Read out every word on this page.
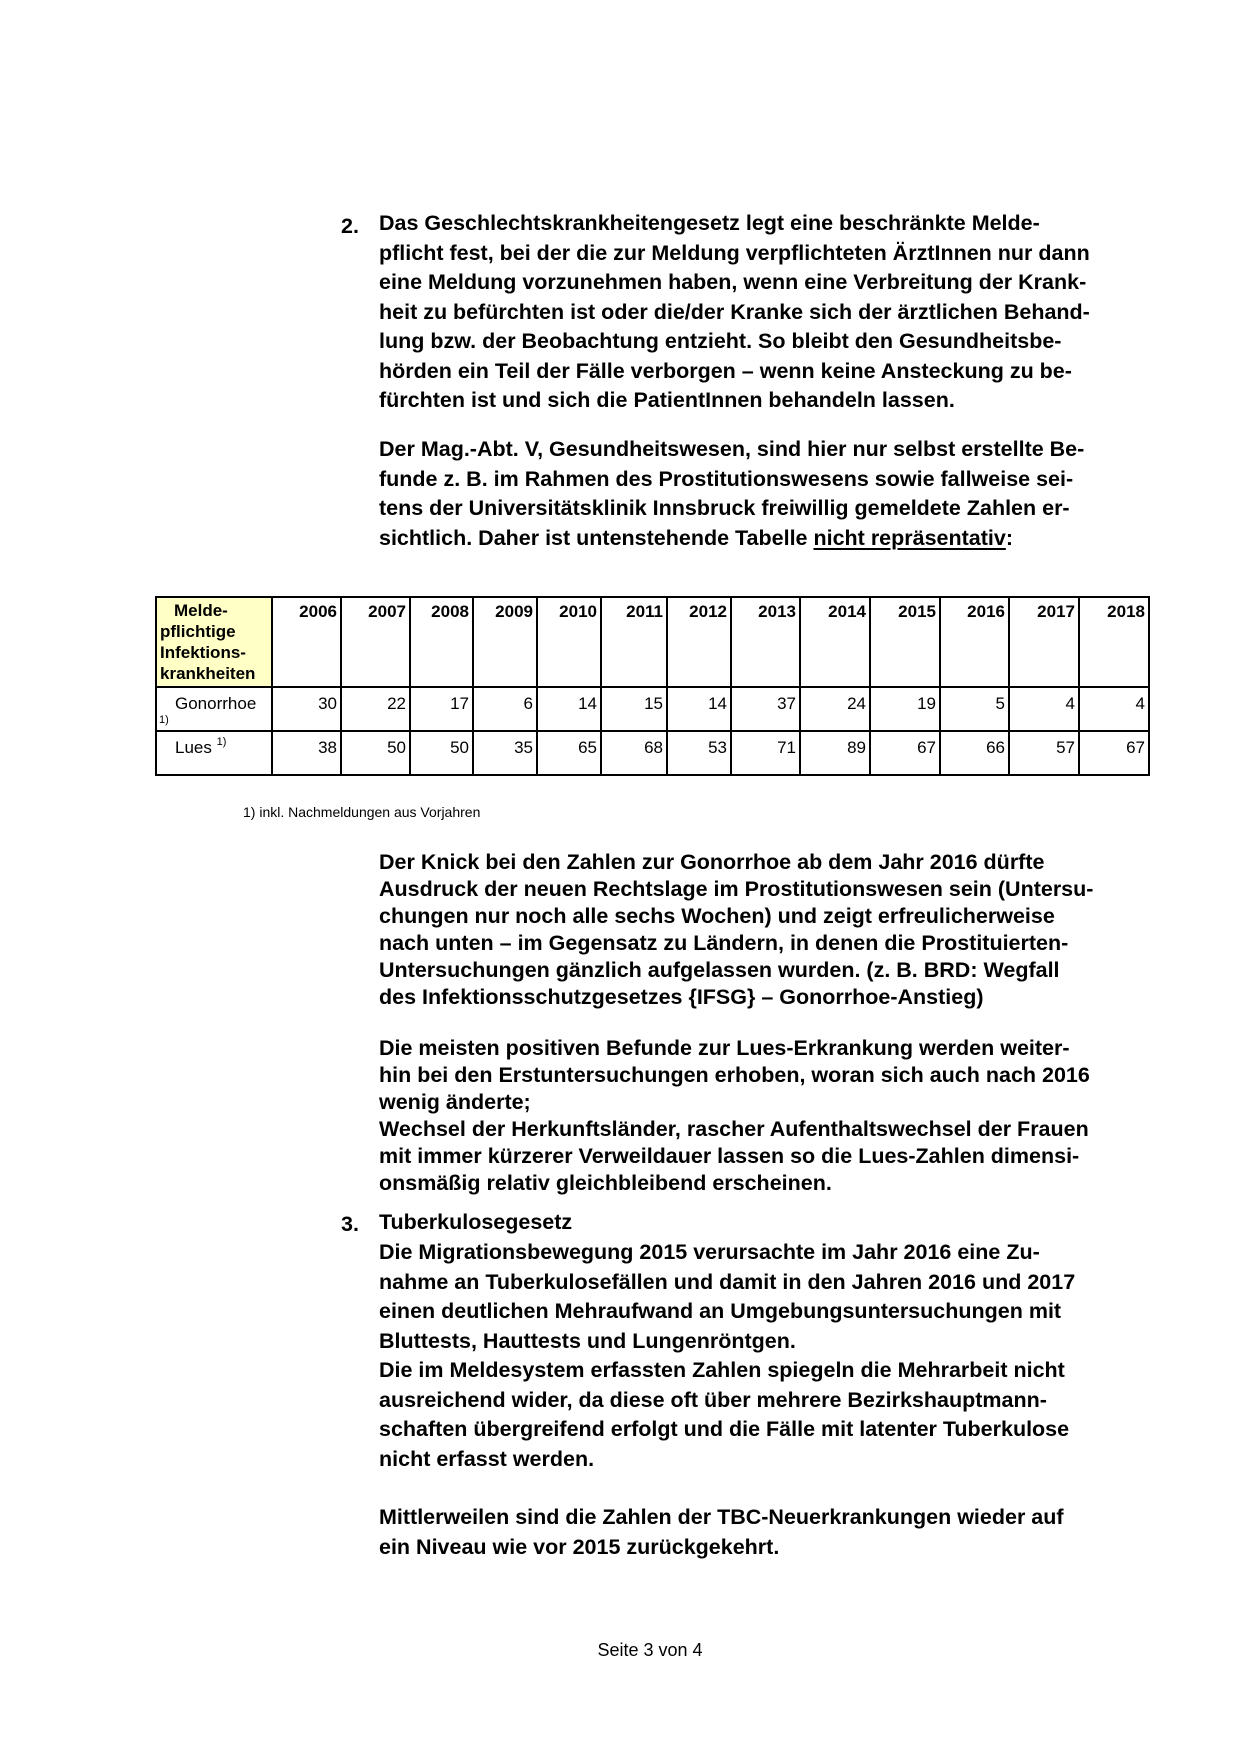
2. Das Geschlechtskrankheitengesetz legt eine beschränkte Melde-
pflicht fest, bei der die zur Meldung verpflichteten ÄrztInnen nur dann
eine Meldung vorzunehmen haben, wenn eine Verbreitung der Krank-
heit zu befürchten ist oder die/der Kranke sich der ärztlichen Behand-
lung bzw. der Beobachtung entzieht. So bleibt den Gesundheitsbe-
hörden ein Teil der Fälle verborgen – wenn keine Ansteckung zu be-
fürchten ist und sich die PatientInnen behandeln lassen.
Der Mag.-Abt. V, Gesundheitswesen, sind hier nur selbst erstellte Be-
funde z. B. im Rahmen des Prostitutionswesens sowie fallweise sei-
tens der Universitätsklinik Innsbruck freiwillig gemeldete Zahlen er-
sichtlich. Daher ist untenstehende Tabelle nicht repräsentativ:
Melde-
pflichtige
Infektions-
krankheiten	2006	2007	2008	2009	2010	2011	2012	2013	2014	2015	2016	2017	2018
Gonorrhoe
1)	30	22	17	6	14	15	14	37	24	19	5	4	4
Lues $^{1)}$	38	50	50	35	65	68	53	71	89	67	66	57	67
1) inkl. Nachmeldungen aus Vorjahren
Der Knick bei den Zahlen zur Gonorrhoe ab dem Jahr 2016 dürfte
Ausdruck der neuen Rechtslage im Prostitutionswesen sein (Untersu-
chungen nur noch alle sechs Wochen) und zeigt erfreulicherweise
nach unten – im Gegensatz zu Ländern, in denen die Prostituierten-
Untersuchungen gänzlich aufgelassen wurden. (z. B. BRD: Wegfall
des Infektionsschutzgesetzes {IFSG} – Gonorrhoe-Anstieg)
Die meisten positiven Befunde zur Lues-Erkrankung werden weiter-
hin bei den Erstuntersuchungen erhoben, woran sich auch nach 2016
wenig änderte;
Wechsel der Herkunftsländer, rascher Aufenthaltswechsel der Frauen
mit immer kürzerer Verweildauer lassen so die Lues-Zahlen dimensi-
onsmäßig relativ gleichbleibend erscheinen.
3. Tuberkulosegesetz
Die Migrationsbewegung 2015 verursachte im Jahr 2016 eine Zu-
nahme an Tuberkulosefällen und damit in den Jahren 2016 und 2017
einen deutlichen Mehraufwand an Umgebungsuntersuchungen mit
Bluttests, Hauttests und Lungenröntgen.
Die im Meldesystem erfassten Zahlen spiegeln die Mehrarbeit nicht
ausreichend wider, da diese oft über mehrere Bezirkshauptmann-
schaften übergreifend erfolgt und die Fälle mit latenter Tuberkulose
nicht erfasst werden.
Mittlerweilen sind die Zahlen der TBC-Neuerkrankungen wieder auf
ein Niveau wie vor 2015 zurückgekehrt.
Seite 3 von 4
